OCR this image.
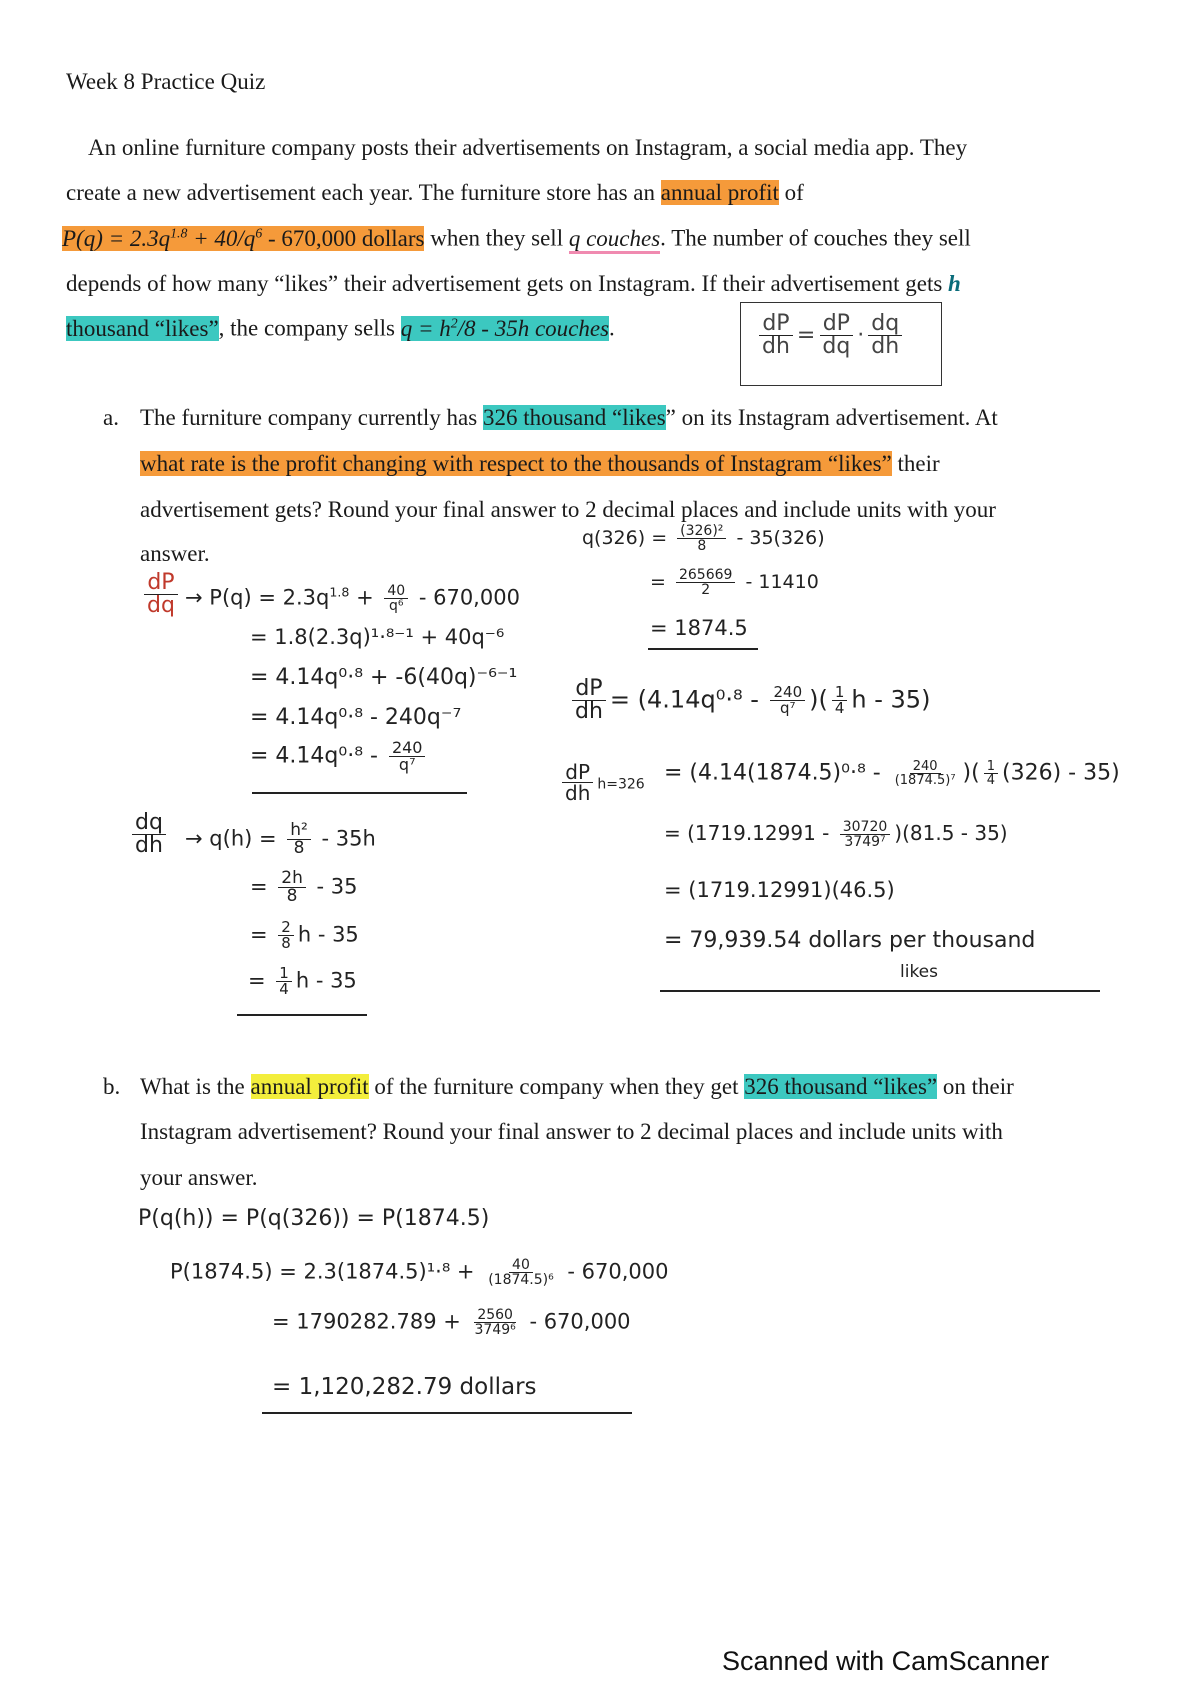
Week 8 Practice Quiz
An online furniture company posts their advertisements on Instagram, a social media app. They
create a new advertisement each year. The furniture store has an annual profit of
$P(q) = 2.3q^{1.8} + 40/q^6 - 670,000$ dollars when they sell q couches. The number of couches they sell
depends of how many “likes” their advertisement gets on Instagram. If their advertisement gets h
thousand “likes”, the company sells $q = h^2/8 - 35h$ couches.	$\frac{dP}{dh} = \frac{dP}{dq} \cdot \frac{dq}{dh}$
a. The furniture company currently has 326 thousand “likes” on its Instagram advertisement. At
what rate is the profit changing with respect to the thousands of Instagram “likes” their
advertisement gets? Round your final answer to 2 decimal places and include units with your
answer.
$\frac{dP}{dq} \to P(q) = 2.3q^{1.8} + \frac{40}{\text{q⁶}} - 670,000$
= 1.8(2.3q)¹·⁸⁻¹ + 40q⁻⁶
= 4.14q⁰·⁸ + -6(40q)⁻⁶⁻¹
= 4.14q⁰·⁸ - 240q⁻⁷
= $4.14q^0\cdot^8 - \frac{240}{\text{q⁷}}$
$\frac{dq}{dh} \to q(h) = \frac{\text{h²}}{8} - 35h$
= $\frac{2h}{8} - 35$
= $\frac{2}{8}$ h - 35
= $\frac{1}{4}$ h - 35
$q(326) = \frac{\text{(326)²}}{8} - 35(326)$
= $\frac{265669}{2} - 11410$
= 1874.5
$\frac{dP}{dh} = (4.14q^0\cdot^8 - \frac{240}{\text{q⁷}}$ )( $\frac{1}{4}$ h - 35)
$\frac{dP}{dh} h=326 = (4.14(1874.5)^0\cdot^8 - \frac{240}{\text{(1874.5)⁷}}$ )( $\frac{1}{4} (326) - 35$)
= $(1719.12991 - \frac{30720}{\text{3749⁷}} )(81.5 - 35)$
= (1719.12991)(46.5)
= 79,939.54 dollars per thousand
likes
b. What is the annual profit of the furniture company when they get 326 thousand “likes” on their
Instagram advertisement? Round your final answer to 2 decimal places and include units with
your answer.
P(q(h)) = P(q(326)) = P(1874.5)
$P(1874.5) = 2.3(1874.5)^1\cdot^8 + \frac{40}{\text{(1874.5)⁶}} - 670,000$
= $1790282.789 + \frac{2560}{\text{3749⁶}} - 670,000$
= 1,120,282.79 dollars
Scanned with CamScanner
